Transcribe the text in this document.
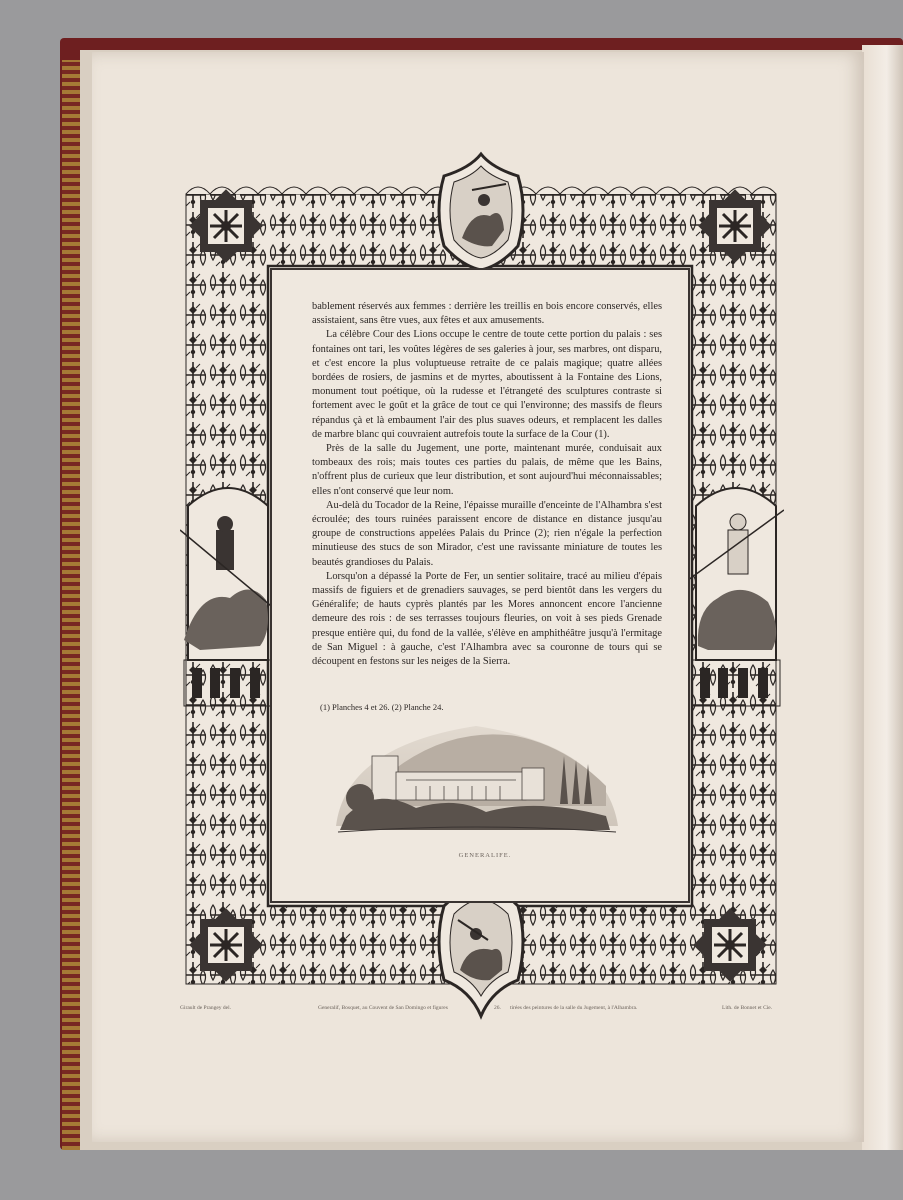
bablement réservés aux femmes : derrière les treillis en bois encore conservés, elles assistaient, sans être vues, aux fêtes et aux amusements.

La célèbre Cour des Lions occupe le centre de toute cette portion du palais : ses fontaines ont tari, les voûtes légères de ses galeries à jour, ses marbres, ont disparu, et c'est encore la plus voluptueuse retraite de ce palais magique; quatre allées bordées de rosiers, de jasmins et de myrtes, aboutissent à la Fontaine des Lions, monument tout poétique, où la rudesse et l'étrangeté des sculptures contraste si fortement avec le goût et la grâce de tout ce qui l'environne; des massifs de fleurs répandus çà et là embaument l'air des plus suaves odeurs, et remplacent les dalles de marbre blanc qui couvraient autrefois toute la surface de la Cour (1).

Près de la salle du Jugement, une porte, maintenant murée, conduisait aux tombeaux des rois; mais toutes ces parties du palais, de même que les Bains, n'offrent plus de curieux que leur distribution, et sont aujourd'hui méconnaissables; elles n'ont conservé que leur nom.

Au-delà du Tocador de la Reine, l'épaisse muraille d'enceinte de l'Alhambra s'est écroulée; des tours ruinées paraissent encore de distance en distance jusqu'au groupe de constructions appelées Palais du Prince (2); rien n'égale la perfection minutieuse des stucs de son Mirador, c'est une ravissante miniature de toutes les beautés grandioses du Palais.

Lorsqu'on a dépassé la Porte de Fer, un sentier solitaire, tracé au milieu d'épais massifs de figuiers et de grenadiers sauvages, se perd bientôt dans les vergers du Généralife; de hauts cyprès plantés par les Mores annoncent encore l'ancienne demeure des rois : de ses terrasses toujours fleuries, on voit à ses pieds Grenade presque entière qui, du fond de la vallée, s'élève en amphithéâtre jusqu'à l'ermitage de San Miguel : à gauche, c'est l'Alhambra avec sa couronne de tours qui se découpent en festons sur les neiges de la Sierra.

(1) Planches 4 et 26. (2) Planche 24.
GENERALIFE.
Girault de Prangey del.	Generalif, Bosquet, au Couvent de San Domingo et figures	26. tirées des peintures de la salle du Jugement, à l'Alhambra.	Lith. de Bonnet et Cie.
